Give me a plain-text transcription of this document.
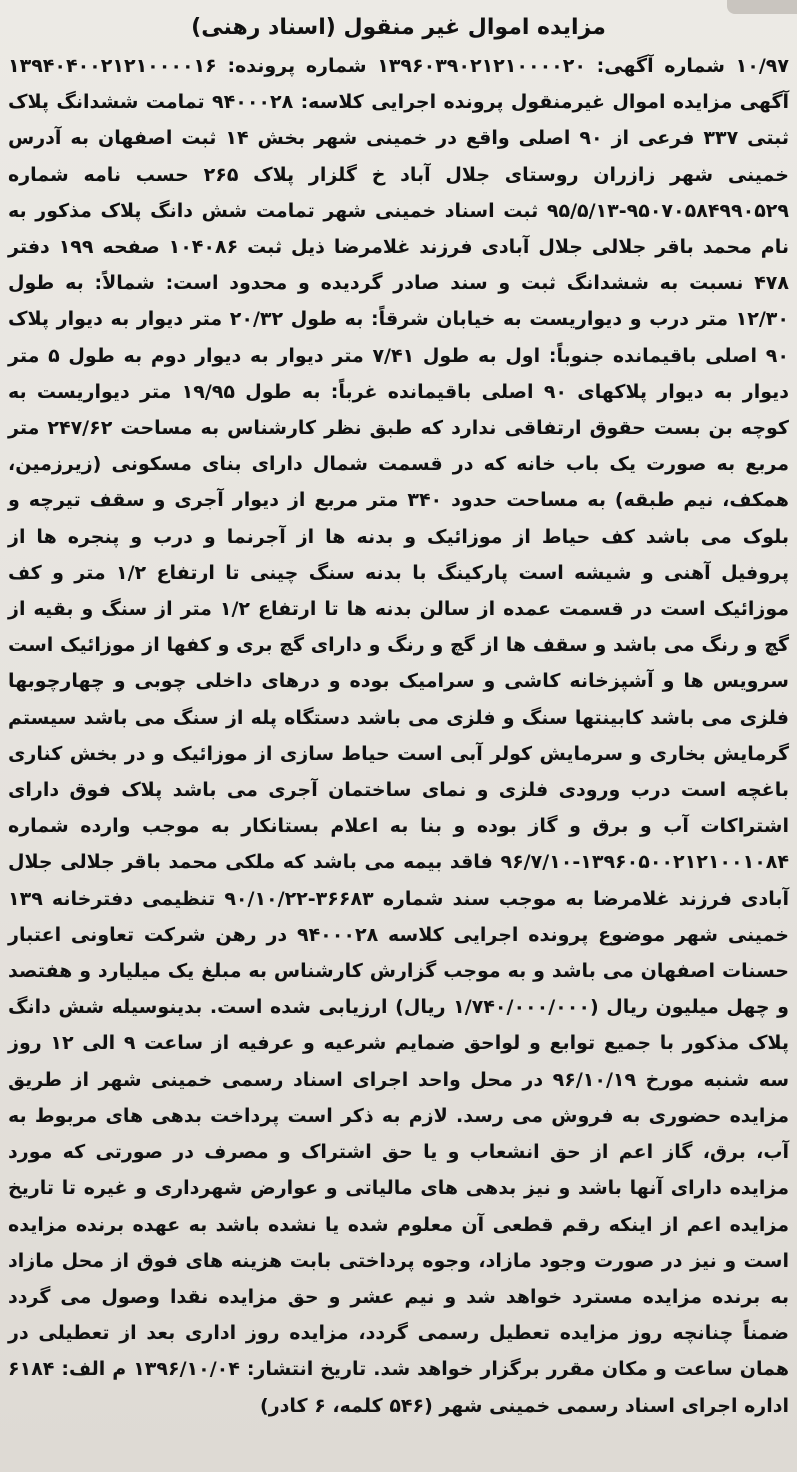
مزایده اموال غیر منقول (اسناد رهنی)

۱۰/۹۷ شماره آگهی: ۱۳۹۶۰۳۹۰۲۱۲۱۰۰۰۰۲۰ شماره پرونده: ۱۳۹۴۰۴۰۰۲۱۲۱۰۰۰۰۱۶ آگهی مزایده اموال غیرمنقول پرونده اجرایی کلاسه: ۹۴۰۰۰۲۸ تمامت ششدانگ پلاک ثبتی ۳۳۷ فرعی از ۹۰ اصلی واقع در خمینی شهر بخش ۱۴ ثبت اصفهان به آدرس خمینی شهر زازران روستای جلال آباد خ گلزار پلاک ۲۶۵ حسب نامه شماره ۹۵۰۷۰۵۸۴۹۹۰۵۲۹-۹۵/۵/۱۳ ثبت اسناد خمینی شهر تمامت شش دانگ پلاک مذکور به نام محمد باقر جلالی جلال آبادی فرزند غلامرضا ذیل ثبت ۱۰۴۰۸۶ صفحه ۱۹۹ دفتر ۴۷۸ نسبت به ششدانگ ثبت و سند صادر گردیده و محدود است: شمالاً: به طول ۱۲/۳۰ متر درب و دیواریست به خیابان شرقاً: به طول ۲۰/۳۲ متر دیوار به دیوار پلاک ۹۰ اصلی باقیمانده جنوباً: اول به طول ۷/۴۱ متر دیوار به دیوار دوم به طول ۵ متر دیوار به دیوار پلاکهای ۹۰ اصلی باقیمانده غرباً: به طول ۱۹/۹۵ متر دیواریست به کوچه بن بست حقوق ارتفاقی ندارد که طبق نظر کارشناس به مساحت ۲۴۷/۶۲ متر مربع به صورت یک باب خانه که در قسمت شمال دارای بنای مسکونی (زیرزمین، همکف، نیم طبقه) به مساحت حدود ۳۴۰ متر مربع از دیوار آجری و سقف تیرچه و بلوک می باشد کف حیاط از موزائیک و بدنه ها از آجرنما و درب و پنجره ها از پروفیل آهنی و شیشه است پارکینگ با بدنه سنگ چینی تا ارتفاع ۱/۲ متر و کف موزائیک است در قسمت عمده از سالن بدنه ها تا ارتفاع ۱/۲ متر از سنگ و بقیه از گچ و رنگ می باشد و سقف ها از گچ و رنگ و دارای گچ بری و کفها از موزائیک است سرویس ها و آشپزخانه کاشی و سرامیک بوده و درهای داخلی چوبی و چهارچوبها فلزی می باشد کابینتها سنگ و فلزی می باشد دستگاه پله از سنگ می باشد سیستم گرمایش بخاری و سرمایش کولر آبی است حیاط سازی از موزائیک و در بخش کناری باغچه است درب ورودی فلزی و نمای ساختمان آجری می باشد پلاک فوق دارای اشتراکات آب و برق و گاز بوده و بنا به اعلام بستانکار به موجب وارده شماره ۱۳۹۶۰۵۰۰۲۱۲۱۰۰۱۰۸۴-۹۶/۷/۱۰ فاقد بیمه می باشد که ملکی محمد باقر جلالی جلال آبادی فرزند غلامرضا به موجب سند شماره ۳۶۶۸۳-۹۰/۱۰/۲۲ تنظیمی دفترخانه ۱۳۹ خمینی شهر موضوع پرونده اجرایی کلاسه ۹۴۰۰۰۲۸ در رهن شرکت تعاونی اعتبار حسنات اصفهان می باشد و به موجب گزارش کارشناس به مبلغ یک میلیارد و هفتصد و چهل میلیون ریال (۱/۷۴۰/۰۰۰/۰۰۰ ریال) ارزیابی شده است. بدینوسیله شش دانگ پلاک مذکور با جمیع توابع و لواحق ضمایم شرعیه و عرفیه از ساعت ۹ الی ۱۲ روز سه شنبه مورخ ۹۶/۱۰/۱۹ در محل واحد اجرای اسناد رسمی خمینی شهر از طریق مزایده حضوری به فروش می رسد. لازم به ذکر است پرداخت بدهی های مربوط به آب، برق، گاز اعم از حق انشعاب و یا حق اشتراک و مصرف در صورتی که مورد مزایده دارای آنها باشد و نیز بدهی های مالیاتی و عوارض شهرداری و غیره تا تاریخ مزایده اعم از اینکه رقم قطعی آن معلوم شده یا نشده باشد به عهده برنده مزایده است و نیز در صورت وجود مازاد، وجوه پرداختی بابت هزینه های فوق از محل مازاد به برنده مزایده مسترد خواهد شد و نیم عشر و حق مزایده نقدا وصول می گردد ضمناً چنانچه روز مزایده تعطیل رسمی گردد، مزایده روز اداری بعد از تعطیلی در همان ساعت و مکان مقرر برگزار خواهد شد. تاریخ انتشار: ۱۳۹۶/۱۰/۰۴ م الف: ۶۱۸۴ اداره اجرای اسناد رسمی خمینی شهر (۵۴۶ کلمه، ۶ کادر)
